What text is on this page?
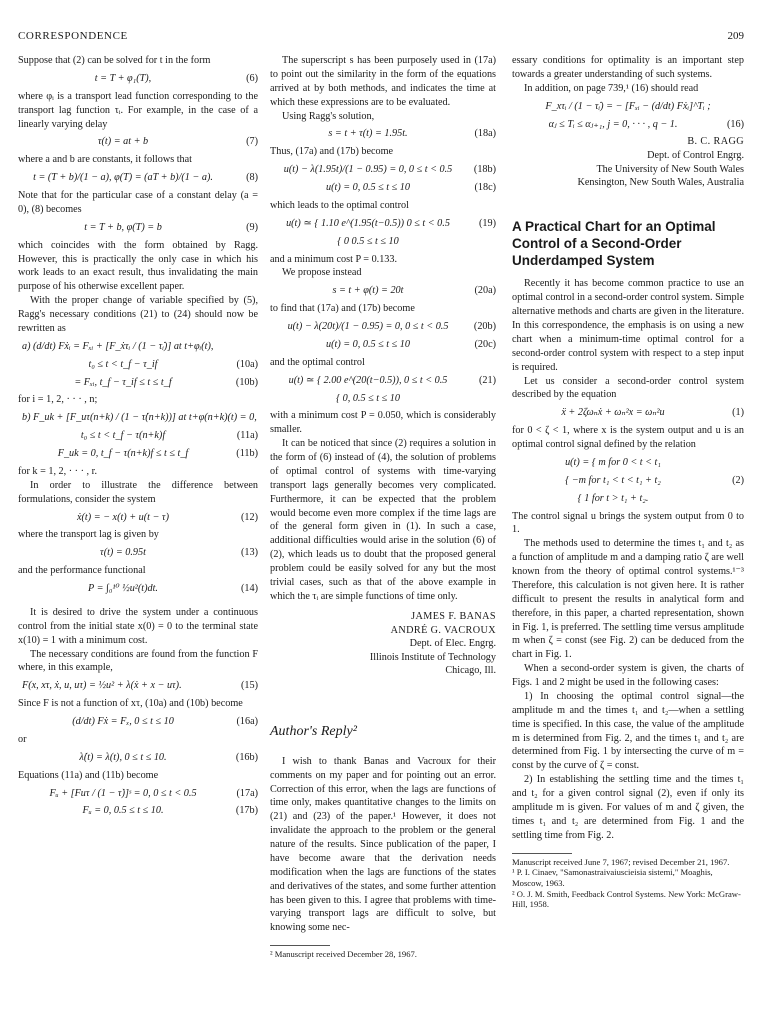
CORRESPONDENCE	209

Suppose that (2) can be solved for t in the form

t = T + φ₁(T),	(6)

where φᵢ is a transport lead function corresponding to the transport lag function τᵢ. For example, in the case of a linearly varying delay

τ(t) = at + b	(7)

where a and b are constants, it follows that

t = (T + b)/(1 − a), φ(T) = (aT + b)/(1 − a).	(8)

Note that for the particular case of a constant delay (a = 0), (8) becomes

t = T + b, φ(T) = b	(9)

which coincides with the form obtained by Ragg. However, this is practically the only case in which his work leads to an exact result, thus invalidating the main purpose of his otherwise excellent paper.

With the proper change of variable specified by (5), Ragg's necessary conditions (21) to (24) should now be rewritten as

a) (d/dt) Fẋᵢ = Fₓᵢ + [F_ẋτᵢ / (1 − τ̇ᵢ)] at t+φᵢ(t),
t₀ ≤ t < t_f − τ_if	(10a)
= Fₓᵢ, t_f − τ_if ≤ t ≤ t_f	(10b)

for i = 1, 2, · · · , n;

b) F_uk + [F_uτ(n+k) / (1 − τ̇(n+k))] at t+φ(n+k)(t) = 0,
t₀ ≤ t < t_f − τ(n+k)f	(11a)
F_uk = 0, t_f − τ(n+k)f ≤ t ≤ t_f	(11b)

for k = 1, 2, · · · , r.

In order to illustrate the difference between formulations, consider the system

ẋ(t) = − x(t) + u(t − τ)	(12)

where the transport lag is given by

τ(t) = 0.95t	(13)

and the performance functional

P = ∫₀¹⁰ ½u²(t)dt.	(14)

It is desired to drive the system under a continuous control from the initial state x(0) = 0 to the terminal state x(10) = 1 with a minimum cost.

The necessary conditions are found from the function F where, in this example,

F(x, xτ, ẋ, u, uτ) = ½u² + λ(ẋ + x − uτ).	(15)

Since F is not a function of xτ, (10a) and (10b) become

(d/dt) Fẋ = Fₓ, 0 ≤ t ≤ 10	(16a)

or

λ̇(t) = λ(t), 0 ≤ t ≤ 10.	(16b)

Equations (11a) and (11b) become

Fᵤ + [Fuτ / (1 − τ̇)]ˢ = 0, 0 ≤ t < 0.5	(17a)
Fᵤ = 0, 0.5 ≤ t ≤ 10.	(17b)

The superscript s has been purposely used in (17a) to point out the similarity in the form of the equations arrived at by both methods, and indicates the time at which these expressions are to be evaluated.

Using Ragg's solution,

s = t + τ(t) = 1.95t.	(18a)

Thus, (17a) and (17b) become

u(t) − λ(1.95t)/(1 − 0.95) = 0, 0 ≤ t < 0.5	(18b)
u(t) = 0, 0.5 ≤ t ≤ 10	(18c)

which leads to the optimal control

u(t) ≃ { 1.10 e^(1.95(t−0.5)) 0 ≤ t < 0.5	(19)
{ 0 0.5 ≤ t ≤ 10

and a minimum cost P = 0.133.

We propose instead

s = t + φ(t) = 20t	(20a)

to find that (17a) and (17b) become

u(t) − λ(20t)/(1 − 0.95) = 0, 0 ≤ t < 0.5	(20b)
u(t) = 0, 0.5 ≤ t ≤ 10	(20c)

and the optimal control

u(t) ≃ { 2.00 e^(20(t−0.5)), 0 ≤ t < 0.5	(21)
{ 0, 0.5 ≤ t ≤ 10

with a minimum cost P = 0.050, which is considerably smaller.

It can be noticed that since (2) requires a solution in the form of (6) instead of (4), the solution of problems of optimal control of systems with time-varying transport lags generally becomes very complicated. Furthermore, it can be expected that the problem would become even more complex if the time lags are of the general form given in (1). In such a case, additional difficulties would arise in the solution (6) of (2), which leads us to doubt that the proposed general problem could be easily solved for any but the most trivial cases, such as that of the above example in which the τᵢ are simple functions of time only.

JAMES F. BANAS
ANDRÉ G. VACROUX
Dept. of Elec. Engrg.
Illinois Institute of Technology
Chicago, Ill.
Author's Reply²

I wish to thank Banas and Vacroux for their comments on my paper and for pointing out an error. Correction of this error, when the lags are functions of time only, makes quantitative changes to the limits on (21) and (23) of the paper.¹ However, it does not invalidate the approach to the problem or the general nature of the results. Since publication of the paper, I have become aware that the derivation needs modification when the lags are functions of the states and derivatives of the states, and some further attention has been given to this. I agree that problems with time-varying transport lags are difficult to solve, but knowing some nec-

² Manuscript received December 28, 1967.

essary conditions for optimality is an important step towards a greater understanding of such systems.

In addition, on page 739,¹ (16) should read

F_xτᵢ / (1 − τ̇ᵢ) = − [Fₓᵢ − (d/dt) Fẋᵢ]^Tᵢ ;
αⱼ ≤ Tᵢ ≤ αⱼ₊₁, j = 0, · · · , q − 1.	(16)
B. C. RAGG
Dept. of Control Engrg.
The University of New South Wales
Kensington, New South Wales, Australia
A Practical Chart for an Optimal Control of a Second-Order Underdamped System

Recently it has become common practice to use an optimal control in a second-order control system. Simple alternative methods and charts are given in the literature. In this correspondence, the emphasis is on using a new chart when a minimum-time optimal control for a second-order control system with respect to a step input is required.

Let us consider a second-order control system described by the equation

ẍ + 2ζωₙẋ + ωₙ²x = ωₙ²u	(1)

for 0 < ζ < 1, where x is the system output and u is an optimal control signal defined by the relation

u(t) = { m for 0 < t < t₁
{ −m for t₁ < t < t₁ + t₂	(2)
{ 1 for t > t₁ + t₂.

The control signal u brings the system output from 0 to 1.

The methods used to determine the times t₁ and t₂ as a function of amplitude m and a damping ratio ζ are well known from the theory of optimal control systems.¹⁻³ Therefore, this calculation is not given here. It is rather difficult to present the results in analytical form and therefore, in this paper, a charted representation, shown in Fig. 1, is preferred. The settling time versus amplitude m when ζ = const (see Fig. 2) can be deduced from the chart in Fig. 1.

When a second-order system is given, the charts of Figs. 1 and 2 might be used in the following cases:

1) In choosing the optimal control signal—the amplitude m and the times t₁ and t₂—when a settling time is specified. In this case, the value of the amplitude m is determined from Fig. 2, and the times t₁ and t₂ are determined from Fig. 1 by intersecting the curve of m = const by the curve of ζ = const.

2) In establishing the settling time and the times t₁ and t₂ for a given control signal (2), even if only its amplitude m is given. For values of m and ζ given, the times t₁ and t₂ are determined from Fig. 1 and the settling time from Fig. 2.

Manuscript received June 7, 1967; revised December 21, 1967.

¹ P. I. Cinaev, "Samonastraivaiuscieisia sistemi," Moaghis, Moscow, 1963.

² O. J. M. Smith, Feedback Control Systems. New York: McGraw-Hill, 1958.
